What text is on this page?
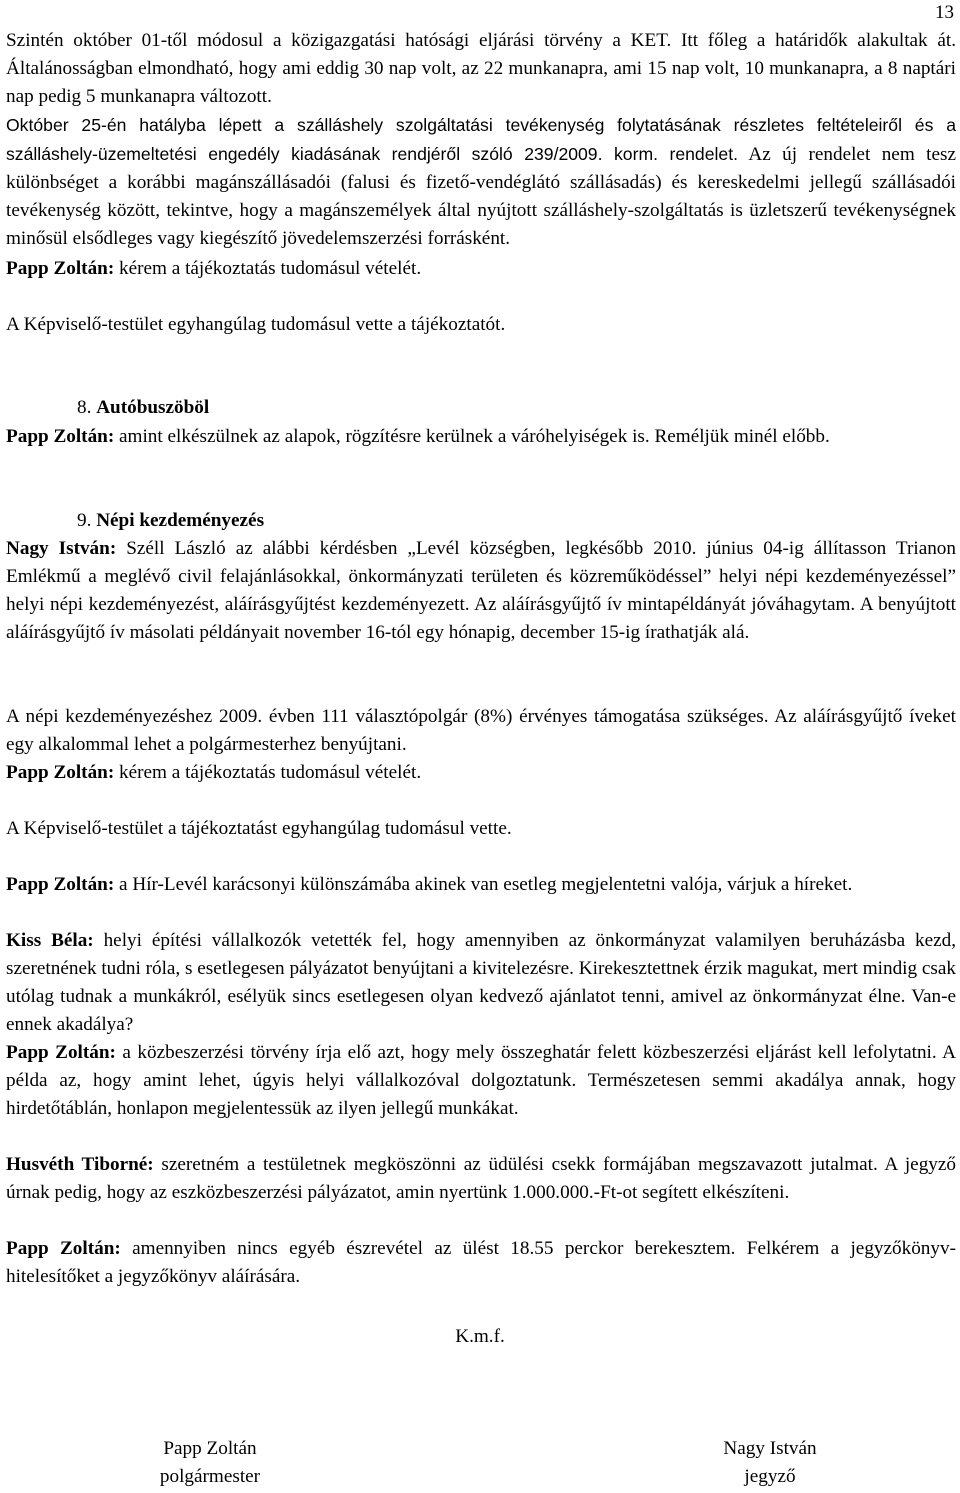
13

Szintén október 01-től módosul a közigazgatási hatósági eljárási törvény a KET. Itt főleg a határidők alakultak át. Általánosságban elmondható, hogy ami eddig 30 nap volt, az 22 munkanapra, ami 15 nap volt, 10 munkanapra, a 8 naptári nap pedig 5 munkanapra változott.

Október 25-én hatályba lépett a szálláshely szolgáltatási tevékenység folytatásának részletes feltételeiről és a szálláshely-üzemeltetési engedély kiadásának rendjéről szóló 239/2009. korm. rendelet. Az új rendelet nem tesz különbséget a korábbi magánszállásadói (falusi és fizető-vendéglátó szállásadás) és kereskedelmi jellegű szállásadói tevékenység között, tekintve, hogy a magánszemélyek által nyújtott szálláshely-szolgáltatás is üzletszerű tevékenységnek minősül elsődleges vagy kiegészítő jövedelemszerzési forrásként.

Papp Zoltán: kérem a tájékoztatás tudomásul vételét.

A Képviselő-testület egyhangúlag tudomásul vette a tájékoztatót.

8. Autóbuszöböl

Papp Zoltán: amint elkészülnek az alapok, rögzítésre kerülnek a váróhelyiségek is. Reméljük minél előbb.

9. Népi kezdeményezés

Nagy István: Széll László az alábbi kérdésben „Levél községben, legkésőbb 2010. június 04-ig állítasson Trianon Emlékmű a meglévő civil felajánlásokkal, önkormányzati területen és közreműködéssel” helyi népi kezdeményezéssel” helyi népi kezdeményezést, aláírásgyűjtést kezdeményezett. Az aláírásgyűjtő ív mintapéldányát jóváhagytam. A benyújtott aláírásgyűjtő ív másolati példányait november 16-tól egy hónapig, december 15-ig írathatják alá.

A népi kezdeményezéshez 2009. évben 111 választópolgár (8%) érvényes támogatása szükséges. Az aláírásgyűjtő íveket egy alkalommal lehet a polgármesterhez benyújtani.

Papp Zoltán: kérem a tájékoztatás tudomásul vételét.

A Képviselő-testület a tájékoztatást egyhangúlag tudomásul vette.

Papp Zoltán: a Hír-Levél karácsonyi különszámába akinek van esetleg megjelentetni valója, várjuk a híreket.

Kiss Béla: helyi építési vállalkozók vetették fel, hogy amennyiben az önkormányzat valamilyen beruházásba kezd, szeretnének tudni róla, s esetlegesen pályázatot benyújtani a kivitelezésre. Kirekesztettnek érzik magukat, mert mindig csak utólag tudnak a munkákról, esélyük sincs esetlegesen olyan kedvező ajánlatot tenni, amivel az önkormányzat élne. Van-e ennek akadálya?

Papp Zoltán: a közbeszerzési törvény írja elő azt, hogy mely összeghatár felett közbeszerzési eljárást kell lefolytatni. A példa az, hogy amint lehet, úgyis helyi vállalkozóval dolgoztatunk. Természetesen semmi akadálya annak, hogy hirdetőtáblán, honlapon megjelentessük az ilyen jellegű munkákat.

Husvéth Tiborné: szeretném a testületnek megköszönni az üdülési csekk formájában megszavazott jutalmat. A jegyző úrnak pedig, hogy az eszközbeszerzési pályázatot, amin nyertünk 1.000.000.-Ft-ot segített elkészíteni.

Papp Zoltán: amennyiben nincs egyéb észrevétel az ülést 18.55 perckor berekesztem. Felkérem a jegyzőkönyv-hitelesítőket a jegyzőkönyv aláírására.

K.m.f.
Papp Zoltán
polgármester
Nagy István
jegyző
